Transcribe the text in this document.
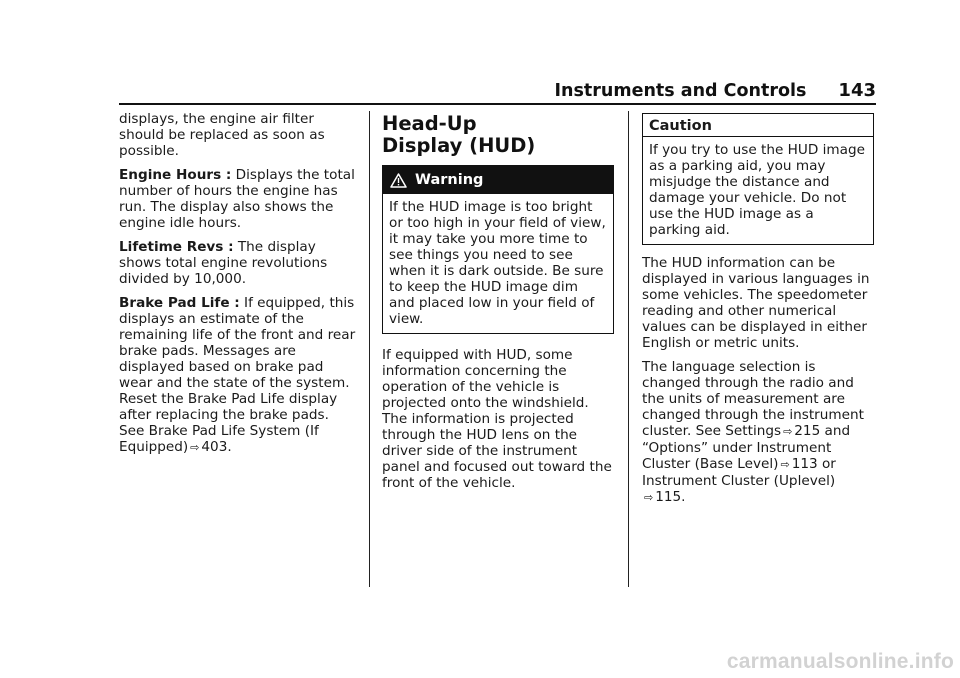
Instruments and Controls 143

displays, the engine air filter should be replaced as soon as possible.

Engine Hours : Displays the total number of hours the engine has run. The display also shows the engine idle hours.

Lifetime Revs : The display shows total engine revolutions divided by 10,000.

Brake Pad Life : If equipped, this displays an estimate of the remaining life of the front and rear brake pads. Messages are displayed based on brake pad wear and the state of the system. Reset the Brake Pad Life display after replacing the brake pads. See Brake Pad Life System (If Equipped) ⇨ 403.

Head-Up
Display (HUD)
Warning
If the HUD image is too bright or too high in your field of view, it may take you more time to see things you need to see when it is dark outside. Be sure to keep the HUD image dim and placed low in your field of view.

If equipped with HUD, some information concerning the operation of the vehicle is projected onto the windshield. The information is projected through the HUD lens on the driver side of the instrument panel and focused out toward the front of the vehicle.

Caution
If you try to use the HUD image as a parking aid, you may misjudge the distance and damage your vehicle. Do not use the HUD image as a parking aid.

The HUD information can be displayed in various languages in some vehicles. The speedometer reading and other numerical values can be displayed in either English or metric units.

The language selection is changed through the radio and the units of measurement are changed through the instrument cluster. See Settings ⇨ 215 and “Options” under Instrument Cluster (Base Level) ⇨ 113 or Instrument Cluster (Uplevel)
⇨ 115.

carmanualsonline.info
